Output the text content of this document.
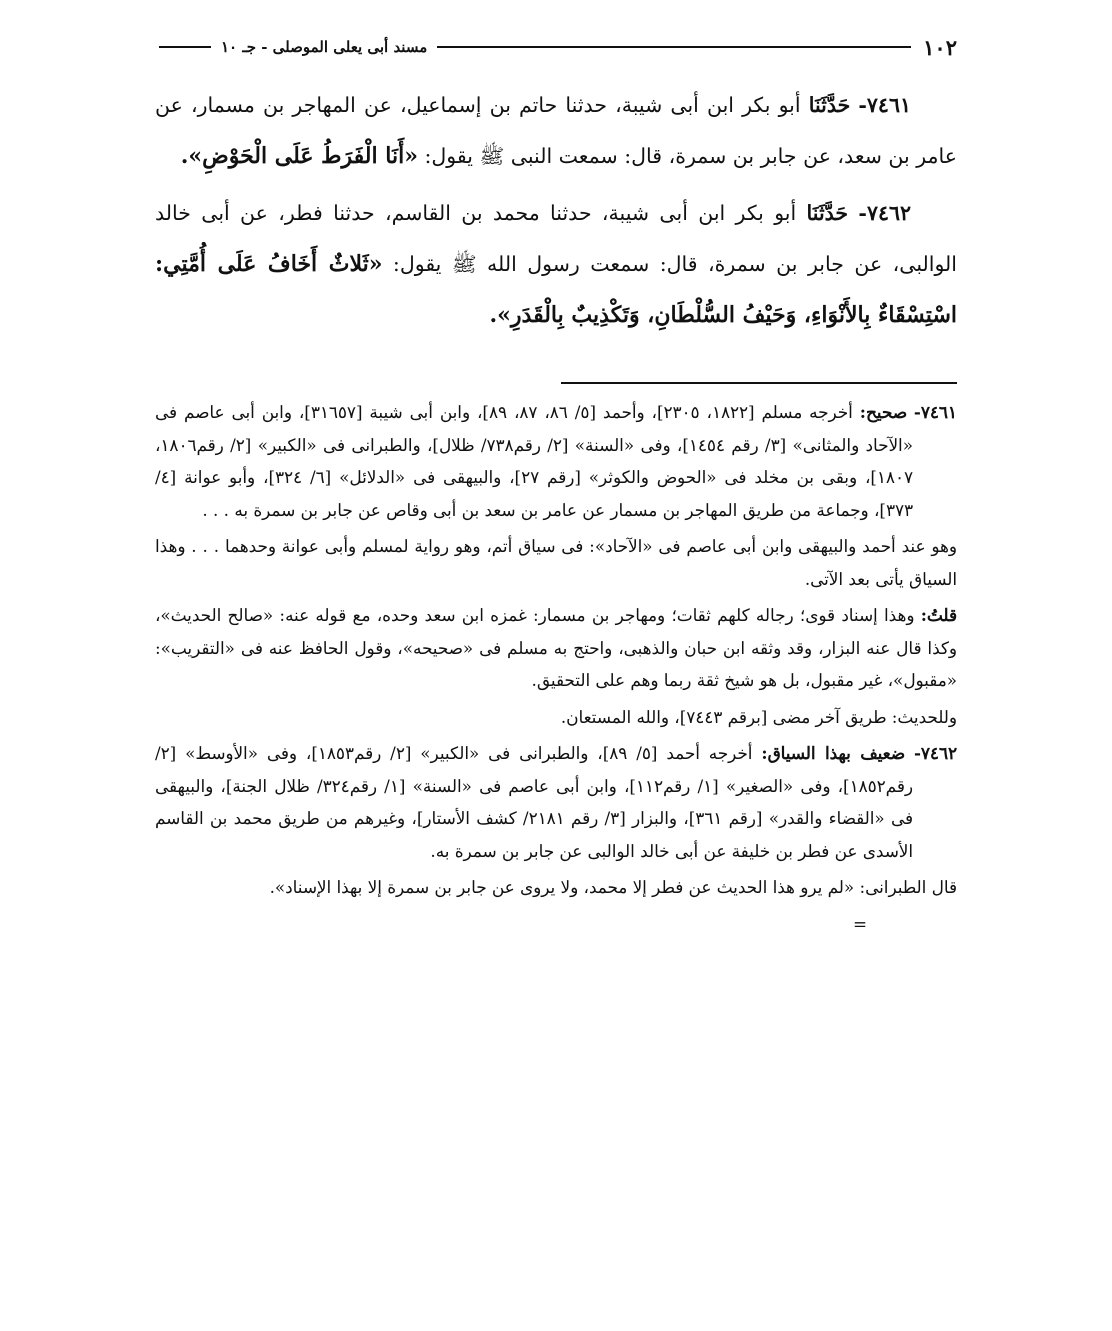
١٠٢
مسند أبى يعلى الموصلى - جـ ١٠

٧٤٦١- حَدَّثَنَا أبو بكر ابن أبى شيبة، حدثنا حاتم بن إسماعيل، عن المهاجر بن مسمار، عن عامر بن سعد، عن جابر بن سمرة، قال: سمعت النبى ﷺ يقول: «أَنَا الْفَرَطُ عَلَى الْحَوْضِ».

٧٤٦٢- حَدَّثَنَا أبو بكر ابن أبى شيبة، حدثنا محمد بن القاسم، حدثنا فطر، عن أبى خالد الوالبى، عن جابر بن سمرة، قال: سمعت رسول الله ﷺ يقول: «ثَلاثٌ أَخَافُ عَلَى أُمَّتِي: اسْتِسْقَاءٌ بِالأَنْوَاءِ، وَحَيْفُ السُّلْطَانِ، وَتَكْذِيبٌ بِالْقَدَرِ».

٧٤٦١- صحيح: أخرجه مسلم [١٨٢٢، ٢٣٠٥]، وأحمد [٥/ ٨٦، ٨٧، ٨٩]، وابن أبى شيبة [٣١٦٥٧]، وابن أبى عاصم فى «الآحاد والمثانى» [٣/ رقم ١٤٥٤]، وفى «السنة» [٢/ رقم٧٣٨/ ظلال]، والطبرانى فى «الكبير» [٢/ رقم١٨٠٦، ١٨٠٧]، وبقى بن مخلد فى «الحوض والكوثر» [رقم ٢٧]، والبيهقى فى «الدلائل» [٦/ ٣٢٤]، وأبو عوانة [٤/ ٣٧٣]، وجماعة من طريق المهاجر بن مسمار عن عامر بن سعد بن أبى وقاص عن جابر بن سمرة به . . .

وهو عند أحمد والبيهقى وابن أبى عاصم فى «الآحاد»: فى سياق أتم، وهو رواية لمسلم وأبى عوانة وحدهما . . . وهذا السياق يأتى بعد الآتى.

قلتُ: وهذا إسناد قوى؛ رجاله كلهم ثقات؛ ومهاجر بن مسمار: غمزه ابن سعد وحده، مع قوله عنه: «صالح الحديث»، وكذا قال عنه البزار، وقد وثقه ابن حبان والذهبى، واحتج به مسلم فى «صحيحه»، وقول الحافظ عنه فى «التقريب»: «مقبول»، غير مقبول، بل هو شيخ ثقة ربما وهم على التحقيق.

وللحديث: طريق آخر مضى [برقم ٧٤٤٣]، والله المستعان.

٧٤٦٢- ضعيف بهذا السياق: أخرجه أحمد [٥/ ٨٩]، والطبرانى فى «الكبير» [٢/ رقم١٨٥٣]، وفى «الأوسط» [٢/ رقم١٨٥٢]، وفى «الصغير» [١/ رقم١١٢]، وابن أبى عاصم فى «السنة» [١/ رقم٣٢٤/ ظلال الجنة]، والبيهقى فى «القضاء والقدر» [رقم ٣٦١]، والبزار [٣/ رقم ٢١٨١/ كشف الأستار]، وغيرهم من طريق محمد بن القاسم الأسدى عن فطر بن خليفة عن أبى خالد الوالبى عن جابر بن سمرة به.

قال الطبرانى: «لم يرو هذا الحديث عن فطر إلا محمد، ولا يروى عن جابر بن سمرة إلا بهذا الإسناد».

=
